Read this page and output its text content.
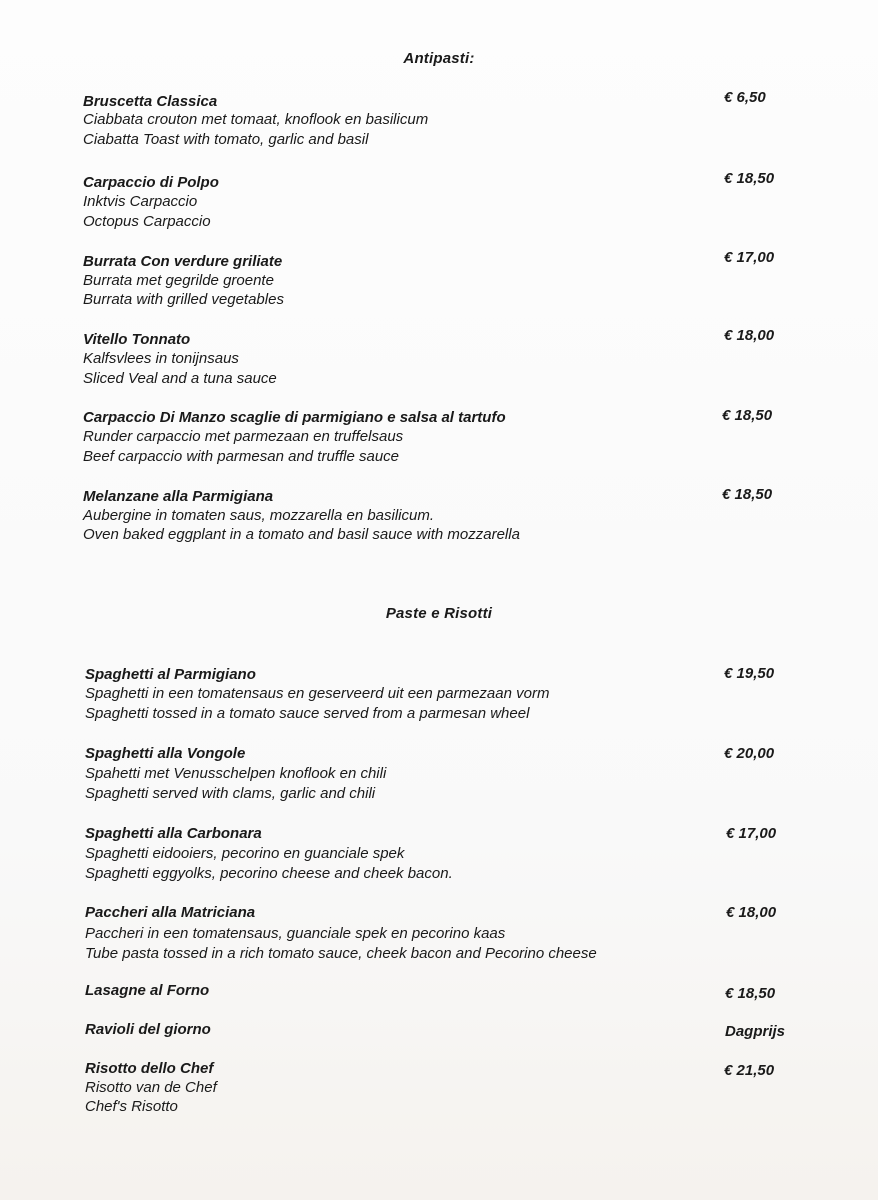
Antipasti:
Bruscetta Classica
Ciabbata crouton met tomaat, knoflook en basilicum
Ciabatta Toast with tomato, garlic and basil
€ 6,50
Carpaccio di Polpo
Inktvis Carpaccio
Octopus Carpaccio
€ 18,50
Burrata Con verdure griliate
Burrata met gegrilde groente
Burrata with grilled vegetables
€ 17,00
Vitello Tonnato
Kalfsvlees in tonijnsaus
Sliced Veal and a tuna sauce
€ 18,00
Carpaccio Di Manzo scaglie di parmigiano e salsa al tartufo
Runder carpaccio met parmezaan en truffelsaus
Beef carpaccio with parmesan and truffle sauce
€ 18,50
Melanzane alla Parmigiana
Aubergine in tomaten saus, mozzarella en basilicum.
Oven baked eggplant in a tomato and basil sauce with mozzarella
€ 18,50
Paste e Risotti
Spaghetti al Parmigiano
Spaghetti in een tomatensaus en geserveerd uit een parmezaan vorm
Spaghetti tossed in a tomato sauce served from a parmesan wheel
€ 19,50
Spaghetti alla Vongole
Spahetti met Venusschelpen knoflook en chili
Spaghetti served with clams, garlic and chili
€ 20,00
Spaghetti alla Carbonara
Spaghetti eidooiers, pecorino en guanciale spek
Spaghetti eggyolks, pecorino cheese and cheek bacon.
€ 17,00
Paccheri alla Matriciana
Paccheri in een tomatensaus, guanciale spek en pecorino kaas
Tube pasta tossed in a rich tomato sauce, cheek bacon and Pecorino cheese
€ 18,00
Lasagne al Forno	€ 18,50
Ravioli del giorno	Dagprijs
Risotto dello Chef
Risotto van de Chef
Chef's Risotto
€ 21,50
